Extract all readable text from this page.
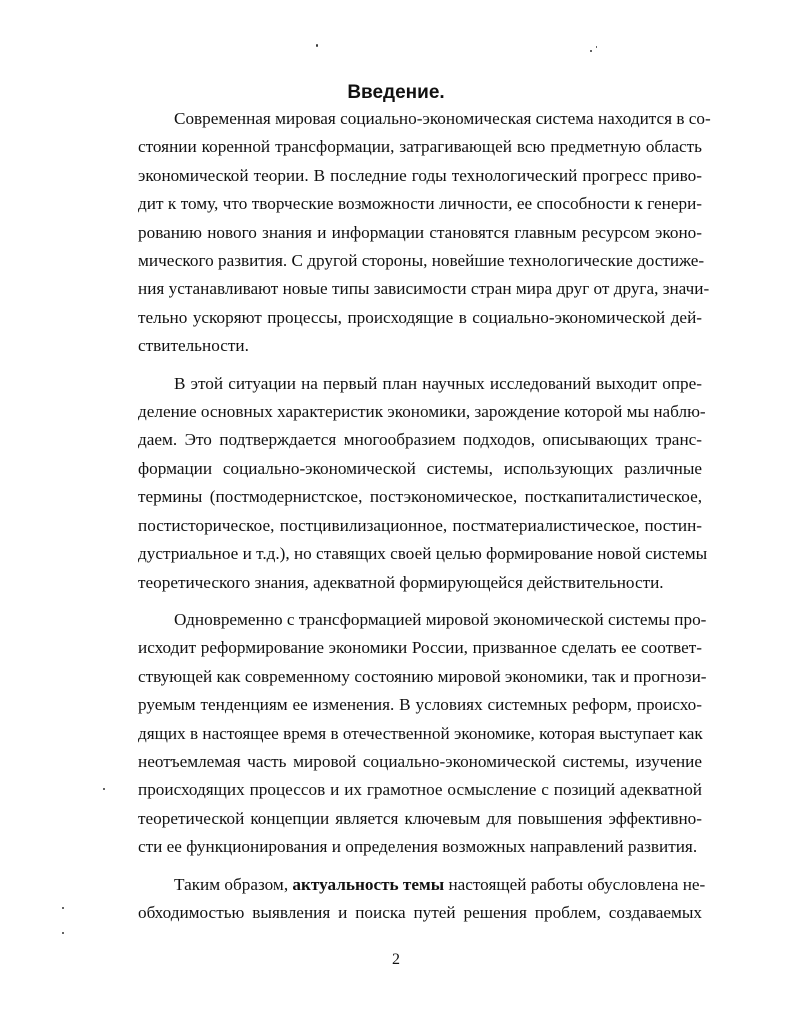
Введение.

Современная мировая социально-экономическая система находится в со-
стоянии коренной трансформации, затрагивающей всю предметную область
экономической теории. В последние годы технологический прогресс приво-
дит к тому, что творческие возможности личности, ее способности к генери-
рованию нового знания и информации становятся главным ресурсом эконо-
мического развития. С другой стороны, новейшие технологические достиже-
ния устанавливают новые типы зависимости стран мира друг от друга, значи-
тельно ускоряют процессы, происходящие в социально-экономической дей-
ствительности.

В этой ситуации на первый план научных исследований выходит опре-
деление основных характеристик экономики, зарождение которой мы наблю-
даем. Это подтверждается многообразием подходов, описывающих транс-
формации социально-экономической системы, использующих различные
термины (постмодернистское, постэкономическое, посткапиталистическое,
постисторическое, постцивилизационное, постматериалистическое, постин-
дустриальное и т.д.), но ставящих своей целью формирование новой системы
теоретического знания, адекватной формирующейся действительности.

Одновременно с трансформацией мировой экономической системы про-
исходит реформирование экономики России, призванное сделать ее соответ-
ствующей как современному состоянию мировой экономики, так и прогнози-
руемым тенденциям ее изменения. В условиях системных реформ, происхо-
дящих в настоящее время в отечественной экономике, которая выступает как
неотъемлемая часть мировой социально-экономической системы, изучение
происходящих процессов и их грамотное осмысление с позиций адекватной
теоретической концепции является ключевым для повышения эффективно-
сти ее функционирования и определения возможных направлений развития.

Таким образом, актуальность темы настоящей работы обусловлена не-
обходимостью выявления и поиска путей решения проблем, создаваемых

2
